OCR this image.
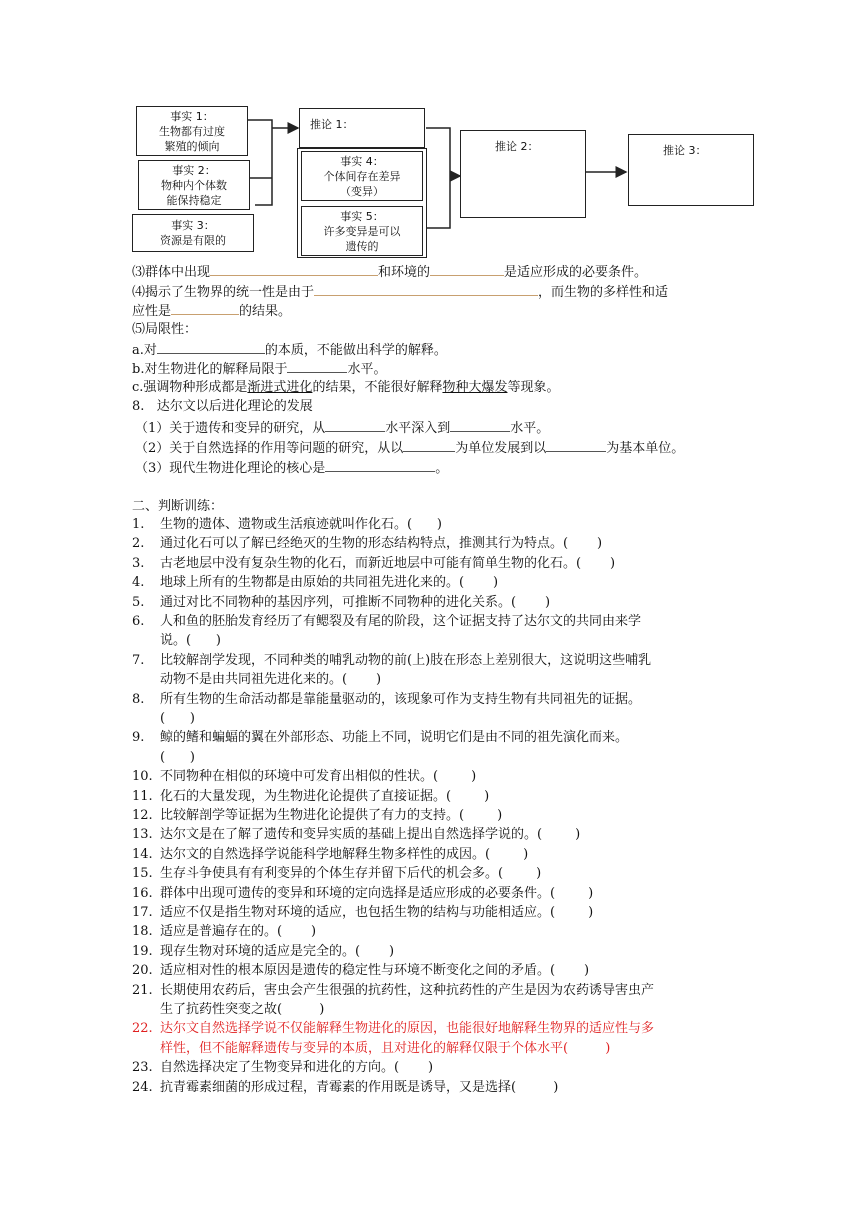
事实 1：
生物都有过度
繁殖的倾向
事实 2：
物种内个体数
能保持稳定
事实 3：
资源是有限的
推论 1：
事实 4：
个体间存在差异
（变异）
事实 5：
许多变异是可以
遗传的
推论 2：	推论 3：
⑶群体中出现	和环境的	是适应形成的必要条件。
⑷揭示了生物界的统一性是由于	，而生物的多样性和适
应性是	的结果。
⑸局限性：
a.对	的本质，不能做出科学的解释。
b.对生物进化的解释局限于	水平。
c.强调物种形成都是渐进式进化的结果，不能很好解释物种大爆发等现象。
8.   达尔文以后进化理论的发展
（1）关于遗传和变异的研究，从	水平深入到	水平。
（2）关于自然选择的作用等问题的研究，从以	为单位发展到以	为基本单位。
（3）现代生物进化理论的核心是	。
二、判断训练：
1. 生物的遗体、遗物或生活痕迹就叫作化石。(      )
2. 通过化石可以了解已经绝灭的生物的形态结构特点，推测其行为特点。(       )
3. 古老地层中没有复杂生物的化石，而新近地层中可能有简单生物的化石。(       )
4. 地球上所有的生物都是由原始的共同祖先进化来的。(       )
5. 通过对比不同物种的基因序列，可推断不同物种的进化关系。(       )
6. 人和鱼的胚胎发育经历了有鳃裂及有尾的阶段，这个证据支持了达尔文的共同由来学
说。(      )
7. 比较解剖学发现，不同种类的哺乳动物的前(上)肢在形态上差别很大，这说明这些哺乳
动物不是由共同祖先进化来的。(       )
8. 所有生物的生命活动都是靠能量驱动的，该现象可作为支持生物有共同祖先的证据。
(      )
9. 鲸的鳍和蝙蝠的翼在外部形态、功能上不同，说明它们是由不同的祖先演化而来。
(      )
10. 不同物种在相似的环境中可发育出相似的性状。(        )
11. 化石的大量发现，为生物进化论提供了直接证据。(        )
12. 比较解剖学等证据为生物进化论提供了有力的支持。(        )
13. 达尔文是在了解了遗传和变异实质的基础上提出自然选择学说的。(        )
14. 达尔文的自然选择学说能科学地解释生物多样性的成因。(        )
15. 生存斗争使具有有利变异的个体生存并留下后代的机会多。(        )
16. 群体中出现可遗传的变异和环境的定向选择是适应形成的必要条件。(        )
17. 适应不仅是指生物对环境的适应，也包括生物的结构与功能相适应。(        )
18. 适应是普遍存在的。(       )
19. 现存生物对环境的适应是完全的。(       )
20. 适应相对性的根本原因是遗传的稳定性与环境不断变化之间的矛盾。(       )
21. 长期使用农药后，害虫会产生很强的抗药性，这种抗药性的产生是因为农药诱导害虫产
生了抗药性突变之故(         )
22. 达尔文自然选择学说不仅能解释生物进化的原因，也能很好地解释生物界的适应性与多
样性，但不能解释遗传与变异的本质，且对进化的解释仅限于个体水平(         )
23. 自然选择决定了生物变异和进化的方向。(       )
24. 抗青霉素细菌的形成过程，青霉素的作用既是诱导，又是选择(         )
